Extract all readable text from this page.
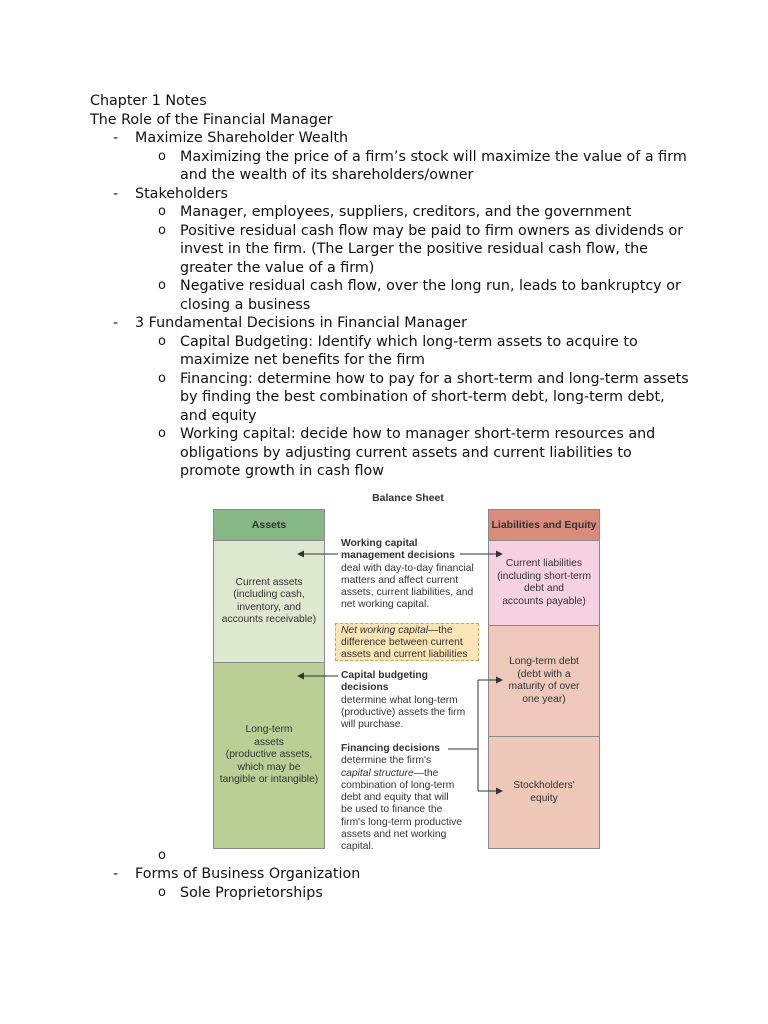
Chapter 1 Notes
The Role of the Financial Manager
- Maximize Shareholder Wealth
o Maximizing the price of a firm’s stock will maximize the value of a firm and the wealth of its shareholders/owner
- Stakeholders
o Manager, employees, suppliers, creditors, and the government
o Positive residual cash flow may be paid to firm owners as dividends or invest in the firm. (The Larger the positive residual cash flow, the greater the value of a firm)
o Negative residual cash flow, over the long run, leads to bankruptcy or closing a business
- 3 Fundamental Decisions in Financial Manager
o Capital Budgeting: Identify which long-term assets to acquire to maximize net benefits for the firm
o Financing: determine how to pay for a short-term and long-term assets by finding the best combination of short-term debt, long-term debt, and equity
o Working capital: decide how to manager short-term resources and obligations by adjusting current assets and current liabilities to promote growth in cash flow
Balance Sheet
Assets
Current assets
(including cash,
inventory, and
accounts receivable)
Long-term
assets
(productive assets,
which may be
tangible or intangible)
Liabilities and Equity
Current liabilities
(including short-term
debt and
accounts payable)
Long-term debt
(debt with a
maturity of over
one year)
Stockholders'
equity
Working capital
management decisions
deal with day-to-day financial
matters and affect current
assets, current liabilities, and
net working capital.
Net working capital—the
difference between current
assets and current liabilities
Capital budgeting
decisions
determine what long-term
(productive) assets the firm
will purchase.
Financing decisions
determine the firm's
capital structure—the
combination of long-term
debt and equity that will
be used to finance the
firm's long-term productive
assets and net working
capital.
o
- Forms of Business Organization
o Sole Proprietorships
